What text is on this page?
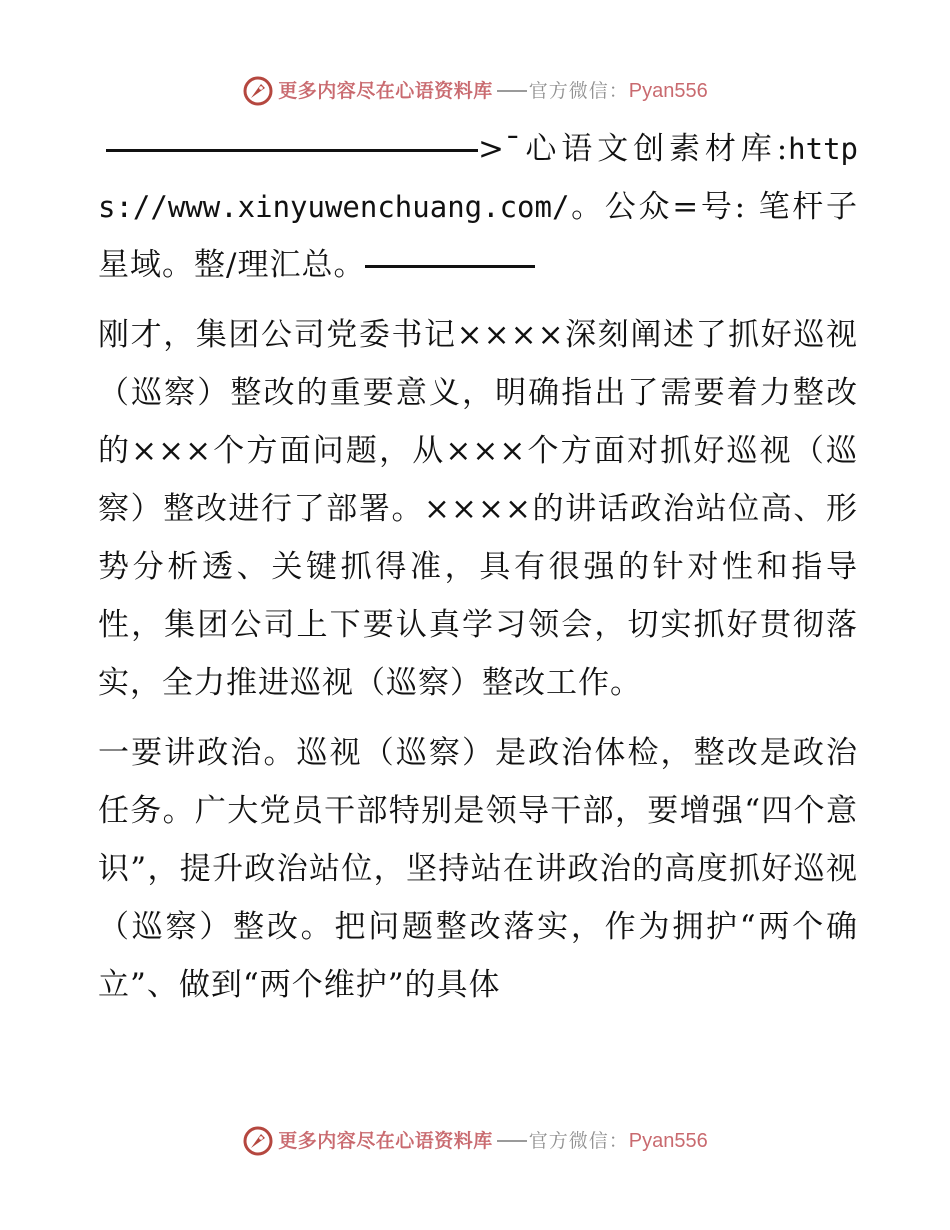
更多内容尽在心语资料库 官方微信：Pyan556

>¯心语文创素材库:https://www.xinyuwenchuang.com/。公众=号: 笔杆子星域。整/理汇总。

刚才，集团公司党委书记××××深刻阐述了抓好巡视（巡察）整改的重要意义，明确指出了需要着力整改的×××个方面问题，从×××个方面对抓好巡视（巡察）整改进行了部署。××××的讲话政治站位高、形势分析透、关键抓得准，具有很强的针对性和指导性，集团公司上下要认真学习领会，切实抓好贯彻落实，全力推进巡视（巡察）整改工作。

一要讲政治。巡视（巡察）是政治体检，整改是政治任务。广大党员干部特别是领导干部，要增强“四个意识”，提升政治站位，坚持站在讲政治的高度抓好巡视（巡察）整改。把问题整改落实，作为拥护“两个确立”、做到“两个维护”的具体

更多内容尽在心语资料库 官方微信：Pyan556
